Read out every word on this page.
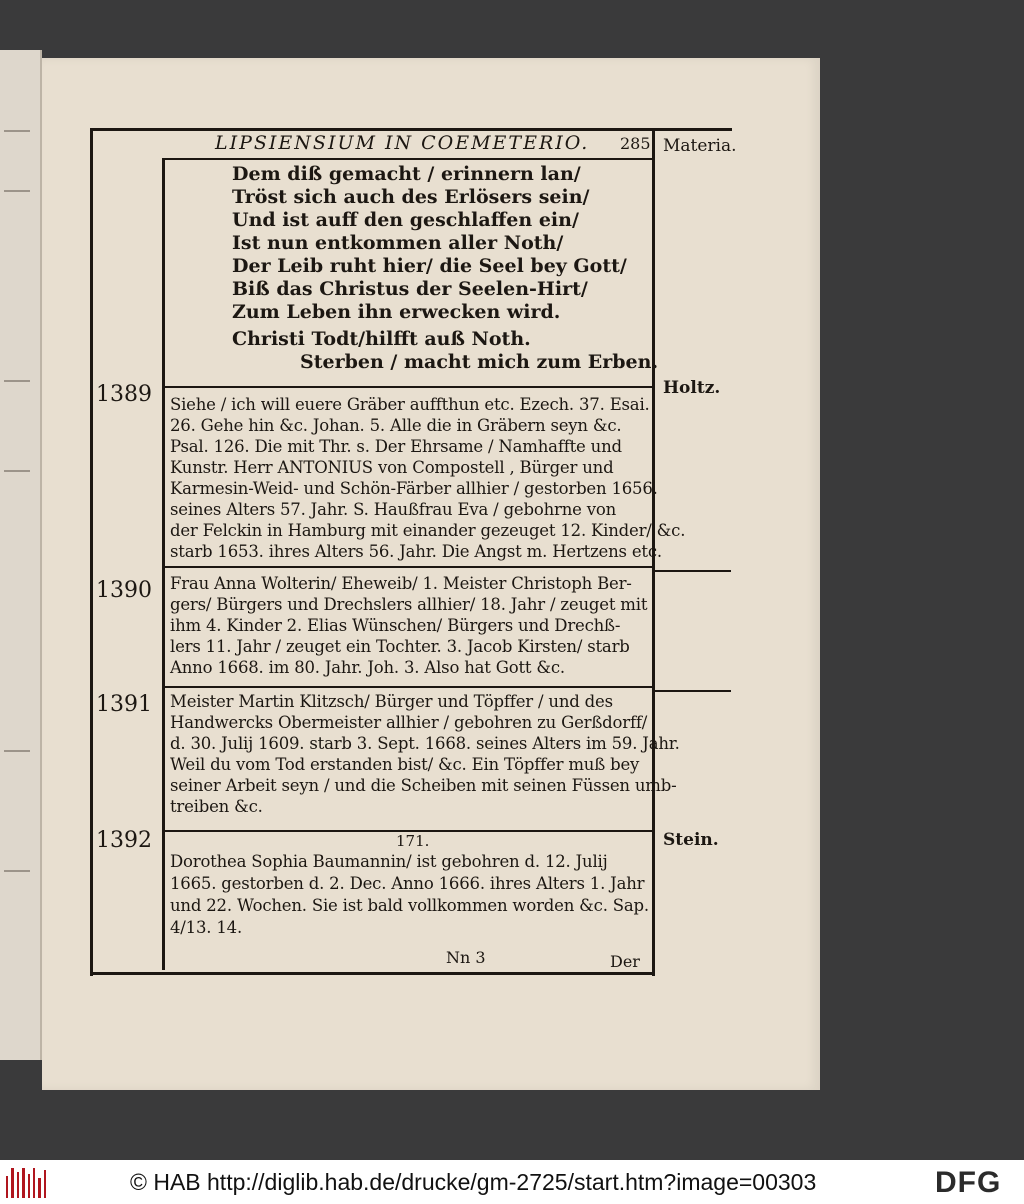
LIPSIENSIUM IN COEMETERIO. 285 Materia.
Dem diß gemacht / erinnern lan/
Tröst sich auch des Erlösers sein/
Und ist auff den geschlaffen ein/
Ist nun entkommen aller Noth/
Der Leib ruht hier/ die Seel bey Gott/
Biß das Christus der Seelen-Hirt/
Zum Leben ihn erwecken wird.
Christi Todt/hilfft auß Noth.
Sterben / macht mich zum Erben.
1389	Holtz.
Siehe / ich will euere Gräber auffthun etc. Ezech. 37. Esai.
26. Gehe hin &c. Johan. 5. Alle die in Gräbern seyn &c.
Psal. 126. Die mit Thr. s. Der Ehrsame / Namhaffte und
Kunstr. Herr ANTONIUS von Compostell , Bürger und
Karmesin-Weid- und Schön-Färber allhier / gestorben 1656.
seines Alters 57. Jahr. S. Haußfrau Eva / gebohrne von
der Felckin in Hamburg mit einander gezeuget 12. Kinder/ &c.
starb 1653. ihres Alters 56. Jahr. Die Angst m. Hertzens etc.
1390 Frau Anna Wolterin/ Eheweib/ 1. Meister Christoph Ber-
gers/ Bürgers und Drechslers allhier/ 18. Jahr / zeuget mit
ihm 4. Kinder 2. Elias Wünschen/ Bürgers und Drechß-
lers 11. Jahr / zeuget ein Tochter. 3. Jacob Kirsten/ starb
Anno 1668. im 80. Jahr. Joh. 3. Also hat Gott &c.
1391 Meister Martin Klitzsch/ Bürger und Töpffer / und des
Handwercks Obermeister allhier / gebohren zu Gerßdorff/
d. 30. Julij 1609. starb 3. Sept. 1668. seines Alters im 59. Jahr.
Weil du vom Tod erstanden bist/ &c. Ein Töpffer muß bey
seiner Arbeit seyn / und die Scheiben mit seinen Füssen umb-
treiben &c.
1392	Stein.
171.
Dorothea Sophia Baumannin/ ist gebohren d. 12. Julij
1665. gestorben d. 2. Dec. Anno 1666. ihres Alters 1. Jahr
und 22. Wochen. Sie ist bald vollkommen worden &c. Sap.
4/13. 14.
Nn 3	Der
© HAB http://diglib.hab.de/drucke/gm-2725/start.htm?image=00303	DFG
